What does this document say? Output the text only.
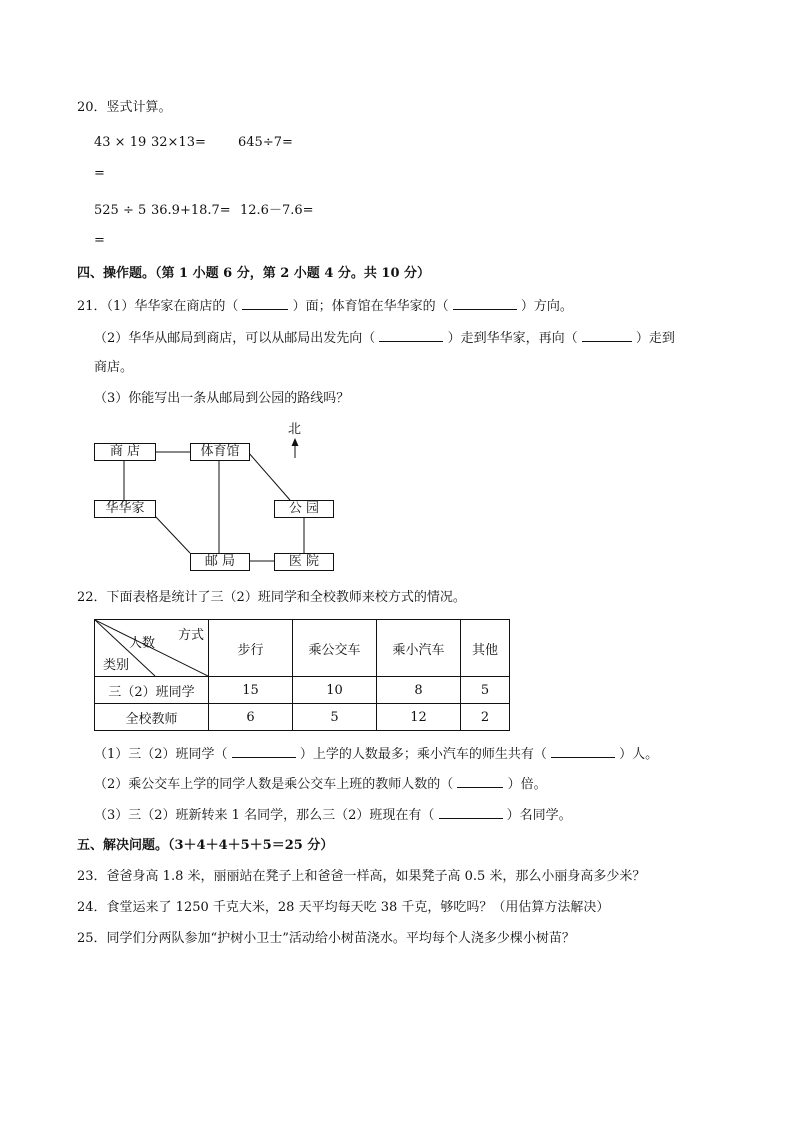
20．竖式计算。
43 × 19 32×13= 645÷7=
=
525 ÷ 5 36.9+18.7= 12.6－7.6=
=
四、操作题。（第 1 小题 6 分，第 2 小题 4 分。共 10 分）
21．（1）华华家在商店的（	）面；体育馆在华华家的（	）方向。
（2）华华从邮局到商店，可以从邮局出发先向（	）走到华华家，再向（	）走到
商店。
（3）你能写出一条从邮局到公园的路线吗？
商 店	体育馆
华华家	公 园
邮 局	医 院
北
22．下面表格是统计了三（2）班同学和全校教师来校方式的情况。
方式
人数
类别	步行	乘公交车	乘小汽车	其他
三（2）班同学	15	10	8	5
全校教师	6	5	12	2
（1）三（2）班同学（	）上学的人数最多；乘小汽车的师生共有（	）人。
（2）乘公交车上学的同学人数是乘公交车上班的教师人数的（	）倍。
（3）三（2）班新转来 1 名同学，那么三（2）班现在有（	）名同学。
五、解决问题。（3＋4＋4＋5＋5＝25 分）
23．爸爸身高 1.8 米，丽丽站在凳子上和爸爸一样高，如果凳子高 0.5 米，那么小丽身高多少米？
24．食堂运来了 1250 千克大米，28 天平均每天吃 38 千克，够吃吗？（用估算方法解决）
25．同学们分两队参加“护树小卫士”活动给小树苗浇水。平均每个人浇多少棵小树苗？
